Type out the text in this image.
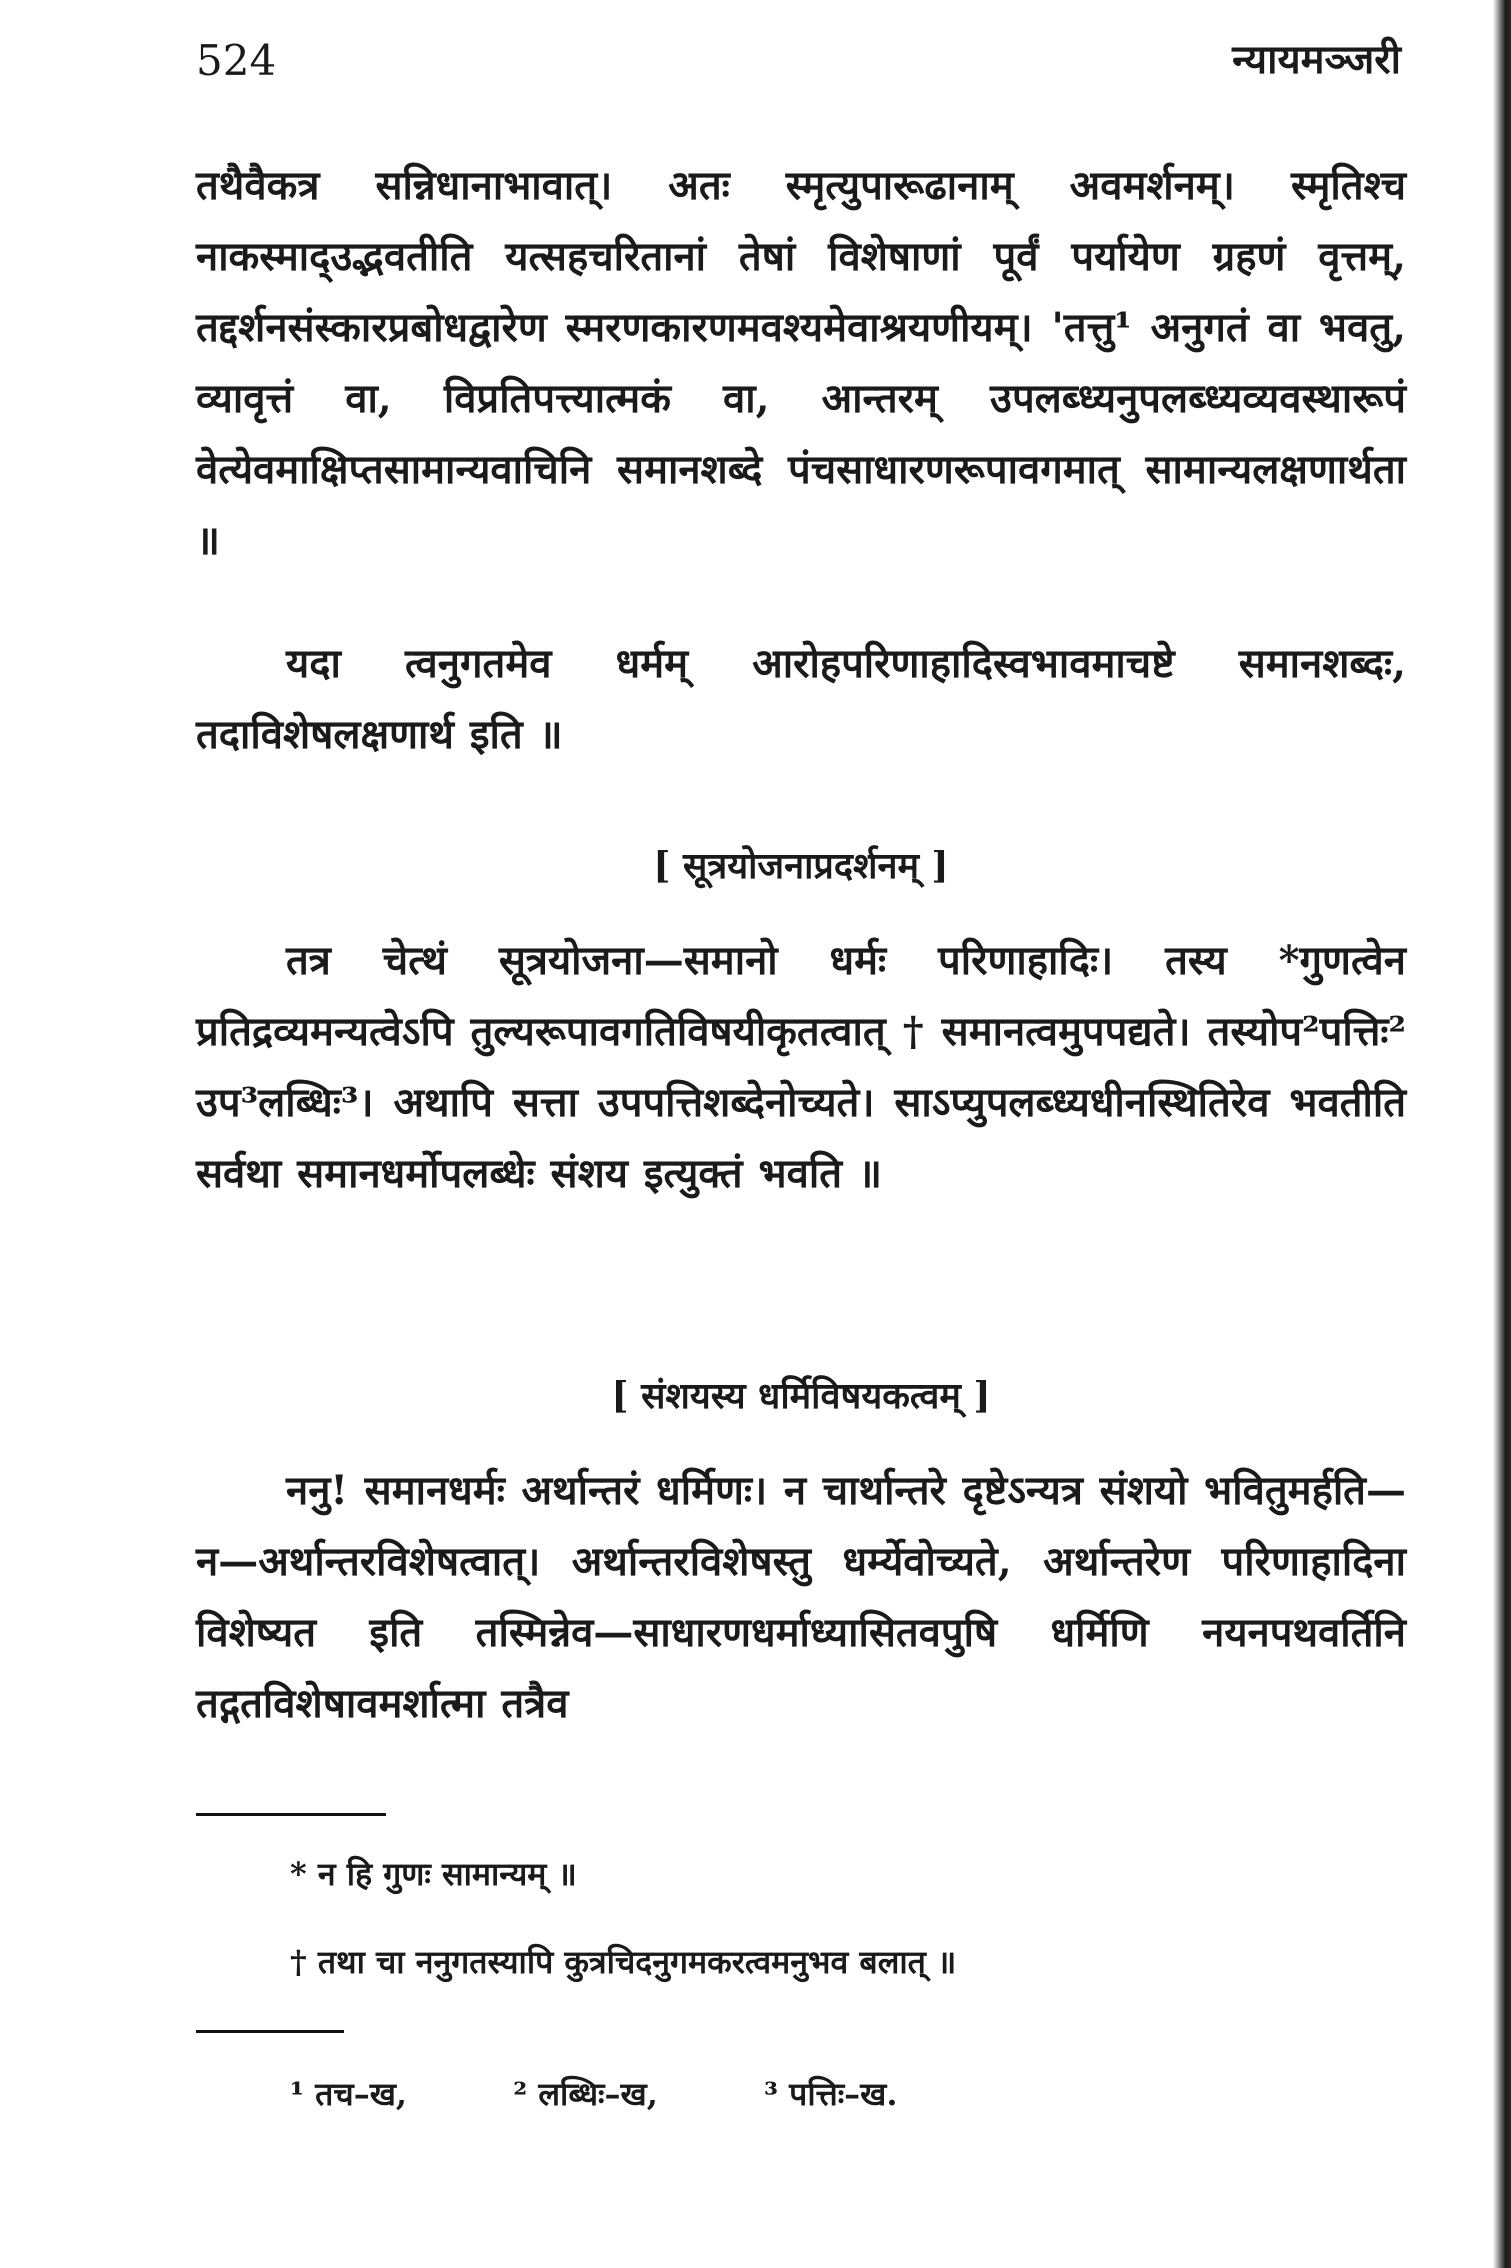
524	न्यायमञ्जरी
तथैवैकत्र सन्निधानाभावात्। अतः स्मृत्युपारूढानाम् अवमर्शनम्। स्मृतिश्च नाकस्माद्उद्भवतीति यत्सहचरितानां तेषां विशेषाणां पूर्वं पर्यायेण ग्रहणं वृत्तम्, तद्दर्शनसंस्कारप्रबोधद्वारेण स्मरणकारणमवश्यमेवाश्रयणीयम्। 'तत्तु¹ अनुगतं वा भवतु, व्यावृत्तं वा, विप्रतिपत्त्यात्मकं वा, आन्तरम् उपलब्ध्यनुपलब्ध्यव्यवस्थारूपं वेत्येवमाक्षिप्तसामान्यवाचिनि समानशब्दे पंचसाधारणरूपावगमात् सामान्यलक्षणार्थता ॥
यदा त्वनुगतमेव धर्मम् आरोहपरिणाहादिस्वभावमाचष्टे समानशब्दः, तदाविशेषलक्षणार्थ इति ॥
[ सूत्रयोजनाप्रदर्शनम् ]
तत्र चेत्थं सूत्रयोजना—समानो धर्मः परिणाहादिः। तस्य *गुणत्वेन प्रतिद्रव्यमन्यत्वेऽपि तुल्यरूपावगतिविषयीकृतत्वात् † समानत्वमुपपद्यते। तस्योप²पत्तिः² उप³लब्धिः³। अथापि सत्ता उपपत्तिशब्देनोच्यते। साऽप्युपलब्ध्यधीनस्थितिरेव भवतीति सर्वथा समानधर्मोपलब्धेः संशय इत्युक्तं भवति ॥
[ संशयस्य धर्मिविषयकत्वम् ]
ननु! समानधर्मः अर्थान्तरं धर्मिणः। न चार्थान्तरे दृष्टेऽन्यत्र संशयो भवितुमर्हति—न—अर्थान्तरविशेषत्वात्। अर्थान्तरविशेषस्तु धर्म्येवोच्यते, अर्थान्तरेण परिणाहादिना विशेष्यत इति तस्मिन्नेव—साधारणधर्माध्यासितवपुषि धर्मिणि नयनपथवर्तिनि तद्गतविशेषावमर्शात्मा तत्रैव
* न हि गुणः सामान्यम् ॥
† तथा चा ननुगतस्यापि कुत्रचिदनुगमकरत्वमनुभव बलात् ॥
¹ तच–ख,	² लब्धिः–ख,	³ पत्तिः–ख.
